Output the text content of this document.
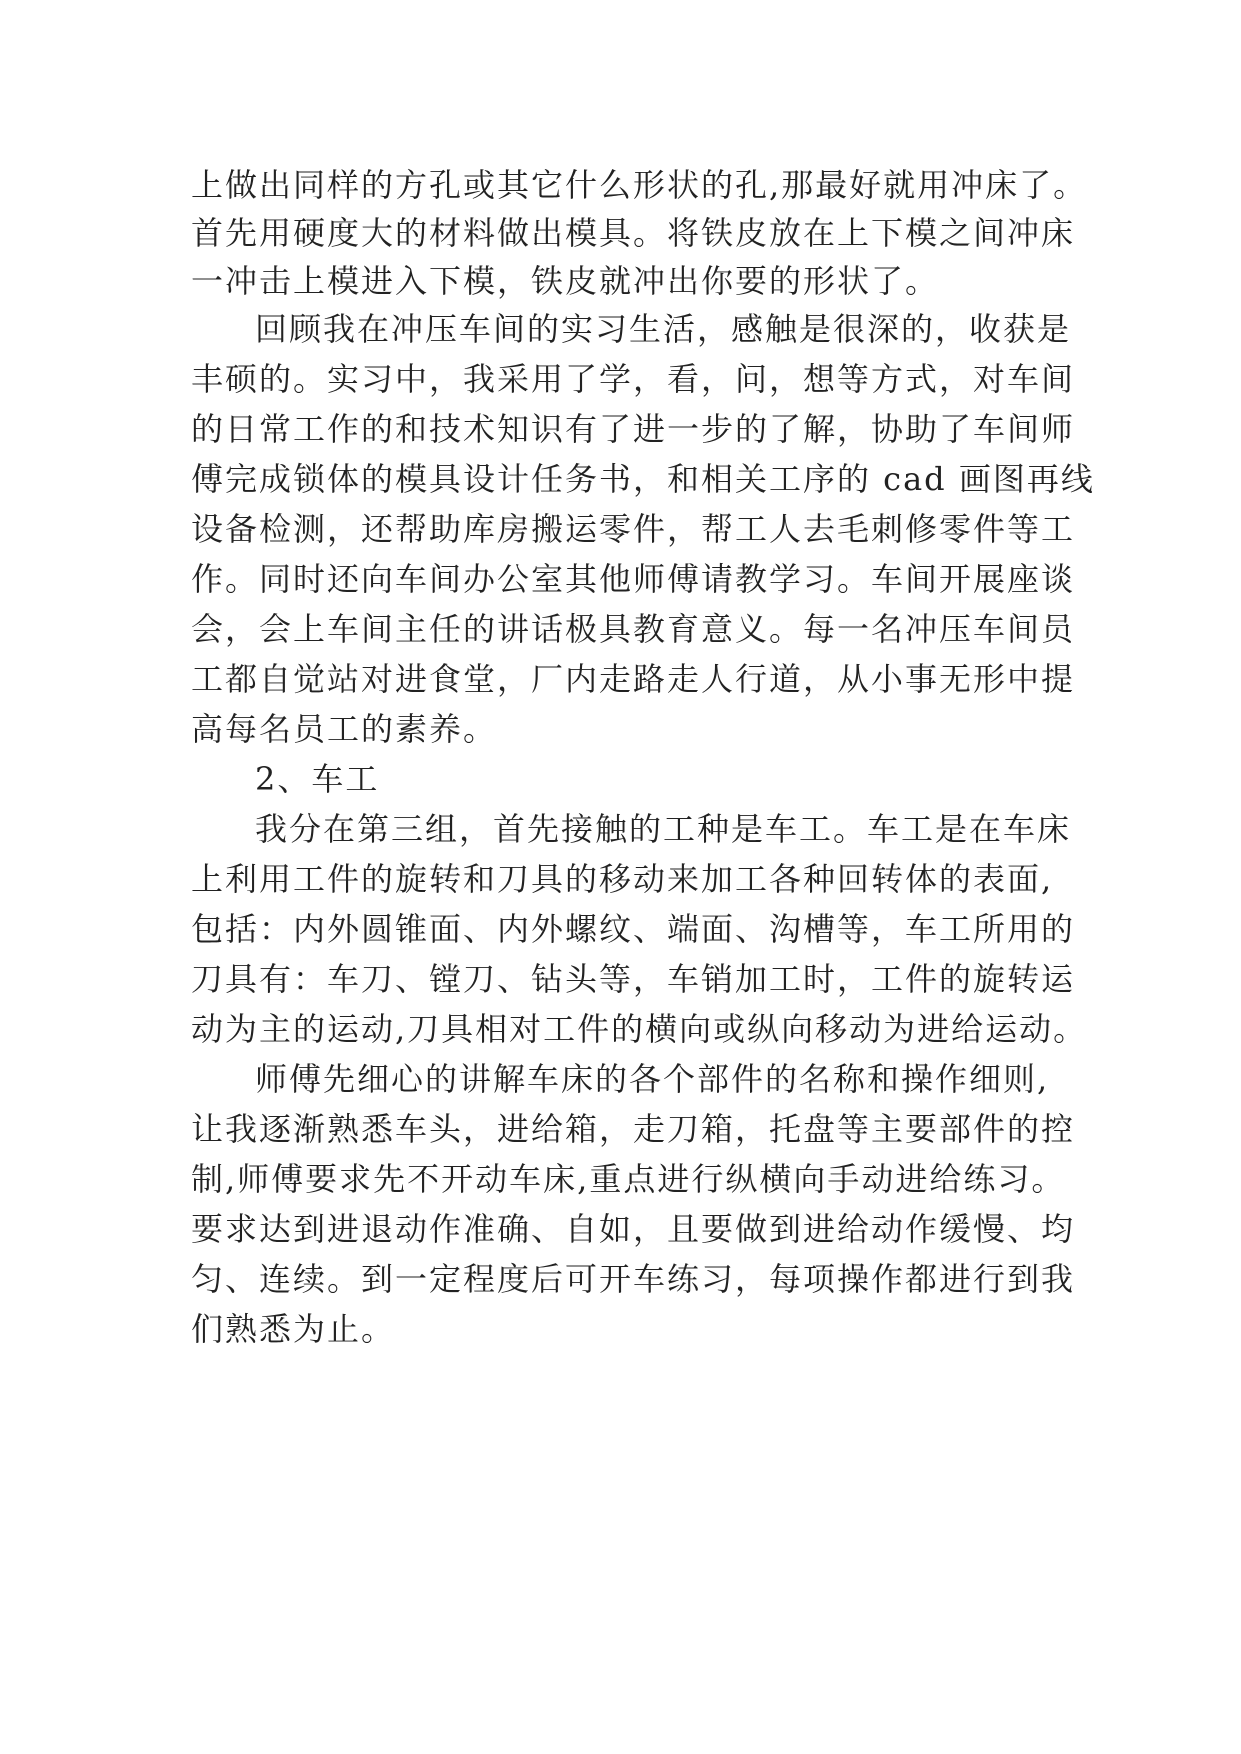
上做出同样的方孔或其它什么形状的孔,那最好就用冲床了。
首先用硬度大的材料做出模具。将铁皮放在上下模之间冲床
一冲击上模进入下模，铁皮就冲出你要的形状了。
回顾我在冲压车间的实习生活，感触是很深的，收获是
丰硕的。实习中，我采用了学，看，问，想等方式，对车间
的日常工作的和技术知识有了进一步的了解，协助了车间师
傅完成锁体的模具设计任务书，和相关工序的 cad 画图再线
设备检测，还帮助库房搬运零件，帮工人去毛刺修零件等工
作。同时还向车间办公室其他师傅请教学习。车间开展座谈
会，会上车间主任的讲话极具教育意义。每一名冲压车间员
工都自觉站对进食堂，厂内走路走人行道，从小事无形中提
高每名员工的素养。
2、车工
我分在第三组，首先接触的工种是车工。车工是在车床
上利用工件的旋转和刀具的移动来加工各种回转体的表面,
包括：内外圆锥面、内外螺纹、端面、沟槽等，车工所用的
刀具有：车刀、镗刀、钻头等，车销加工时，工件的旋转运
动为主的运动,刀具相对工件的横向或纵向移动为进给运动。
师傅先细心的讲解车床的各个部件的名称和操作细则,
让我逐渐熟悉车头，进给箱，走刀箱，托盘等主要部件的控
制,师傅要求先不开动车床,重点进行纵横向手动进给练习。
要求达到进退动作准确、自如，且要做到进给动作缓慢、均
匀、连续。到一定程度后可开车练习，每项操作都进行到我
们熟悉为止。
